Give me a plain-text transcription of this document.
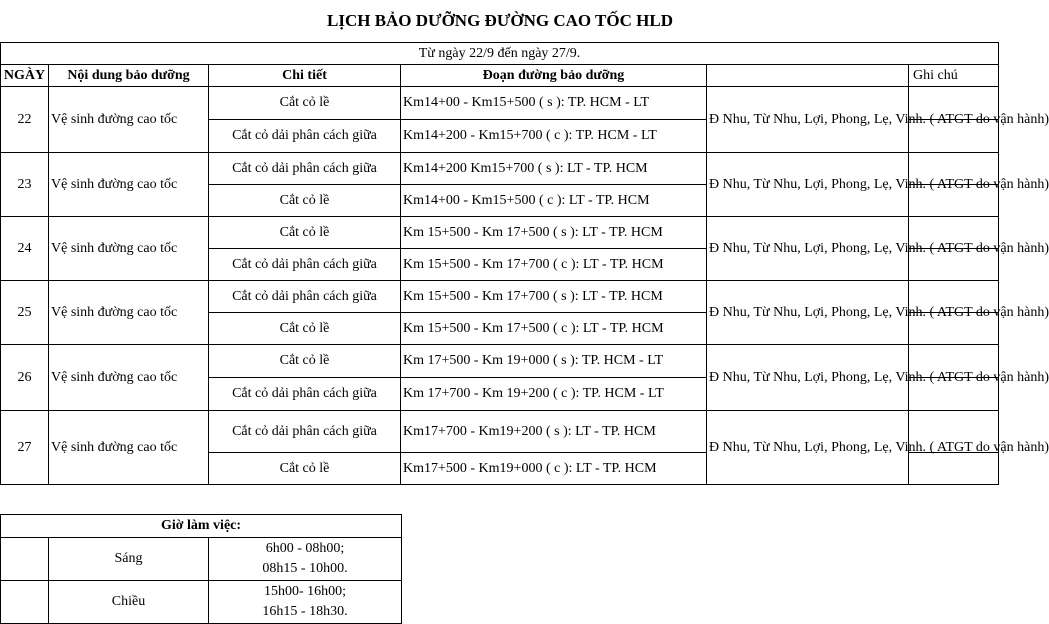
LỊCH BẢO DƯỠNG ĐƯỜNG CAO TỐC HLD
Từ ngày 22/9 đến ngày 27/9.					
NGÀY	Nội dung bảo dưỡng	Chi tiết	Đoạn đường bảo dưỡng		Ghi chú
22	Vệ sinh đường cao tốc	Cắt cỏ lề	Km14+00 - Km15+500 ( s ): TP. HCM - LT	Đ Nhu, Từ Nhu, Lợi, Phong, Lẹ, Vinh. ( ATGT do vận hành)	
		Cắt cỏ dải phân cách giữa	Km14+200 - Km15+700 ( c ): TP. HCM - LT		
23	Vệ sinh đường cao tốc	Cắt cỏ dải phân cách giữa	Km14+200 Km15+700 ( s ): LT - TP. HCM	Đ Nhu, Từ Nhu, Lợi, Phong, Lẹ, Vinh. ( ATGT do vận hành)	
		Cắt cỏ lề	Km14+00 - Km15+500 ( c ): LT - TP. HCM		
24	Vệ sinh đường cao tốc	Cắt cỏ lề	Km 15+500 - Km 17+500 ( s ): LT - TP. HCM	Đ Nhu, Từ Nhu, Lợi, Phong, Lẹ, Vinh. ( ATGT do vận hành)	
		Cắt cỏ dải phân cách giữa	Km 15+500 - Km 17+700 ( c ): LT - TP. HCM		
25	Vệ sinh đường cao tốc	Cắt cỏ dải phân cách giữa	Km 15+500 - Km 17+700 ( s ): LT - TP. HCM	Đ Nhu, Từ Nhu, Lợi, Phong, Lẹ, Vinh. ( ATGT do vận hành)	
		Cắt cỏ lề	Km 15+500 - Km 17+500 ( c ): LT - TP. HCM		
26	Vệ sinh đường cao tốc	Cắt cỏ lề	Km 17+500 - Km 19+000 ( s ): TP. HCM - LT	Đ Nhu, Từ Nhu, Lợi, Phong, Lẹ, Vinh. ( ATGT do vận hành)	
		Cắt cỏ dải phân cách giữa	Km 17+700 - Km 19+200 ( c ): TP. HCM - LT		
27	Vệ sinh đường cao tốc	Cắt cỏ dải phân cách giữa	Km17+700 - Km19+200 ( s ): LT - TP. HCM	Đ Nhu, Từ Nhu, Lợi, Phong, Lẹ, Vinh. ( ATGT do vận hành)	
		Cắt cỏ lề	Km17+500 - Km19+000 ( c ): LT - TP. HCM		
Giờ làm việc:		
	Sáng	6h00 - 08h00;
08h15 - 10h00.

	Chiều	15h00- 16h00;
16h15 - 18h30.
